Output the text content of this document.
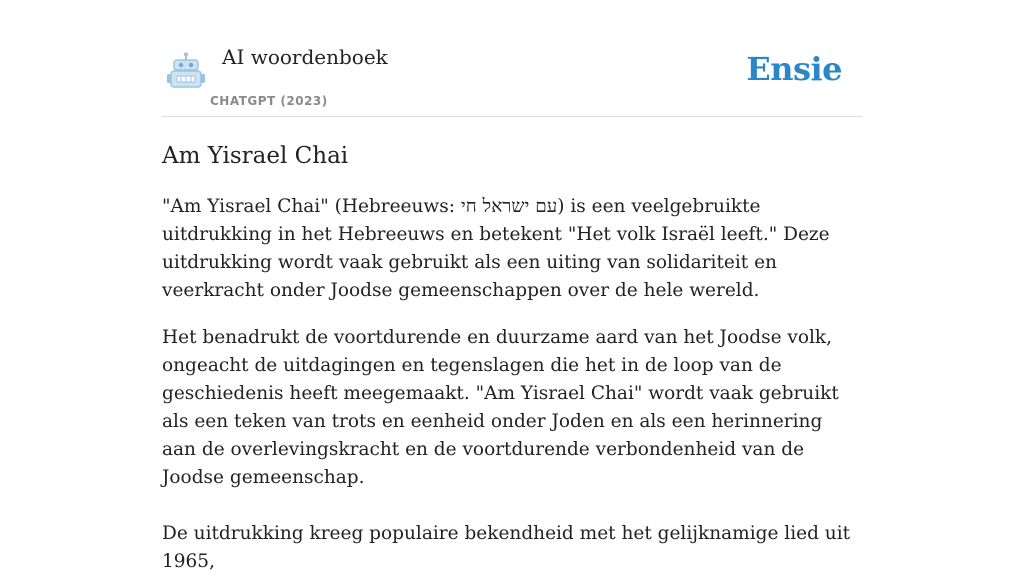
AI woordenboek
CHATGPT (2023)
Ensie
Am Yisrael Chai

"Am Yisrael Chai" (Hebreeuws: עם ישראל חי) is een veelgebruikte uitdrukking in het Hebreeuws en betekent "Het volk Israël leeft." Deze uitdrukking wordt vaak gebruikt als een uiting van solidariteit en veerkracht onder Joodse gemeenschappen over de hele wereld.

Het benadrukt de voortdurende en duurzame aard van het Joodse volk, ongeacht de uitdagingen en tegenslagen die het in de loop van de geschiedenis heeft meegemaakt. "Am Yisrael Chai" wordt vaak gebruikt als een teken van trots en eenheid onder Joden en als een herinnering aan de overlevingskracht en de voortdurende verbondenheid van de Joodse gemeenschap.

De uitdrukking kreeg populaire bekendheid met het gelijknamige lied uit 1965,
